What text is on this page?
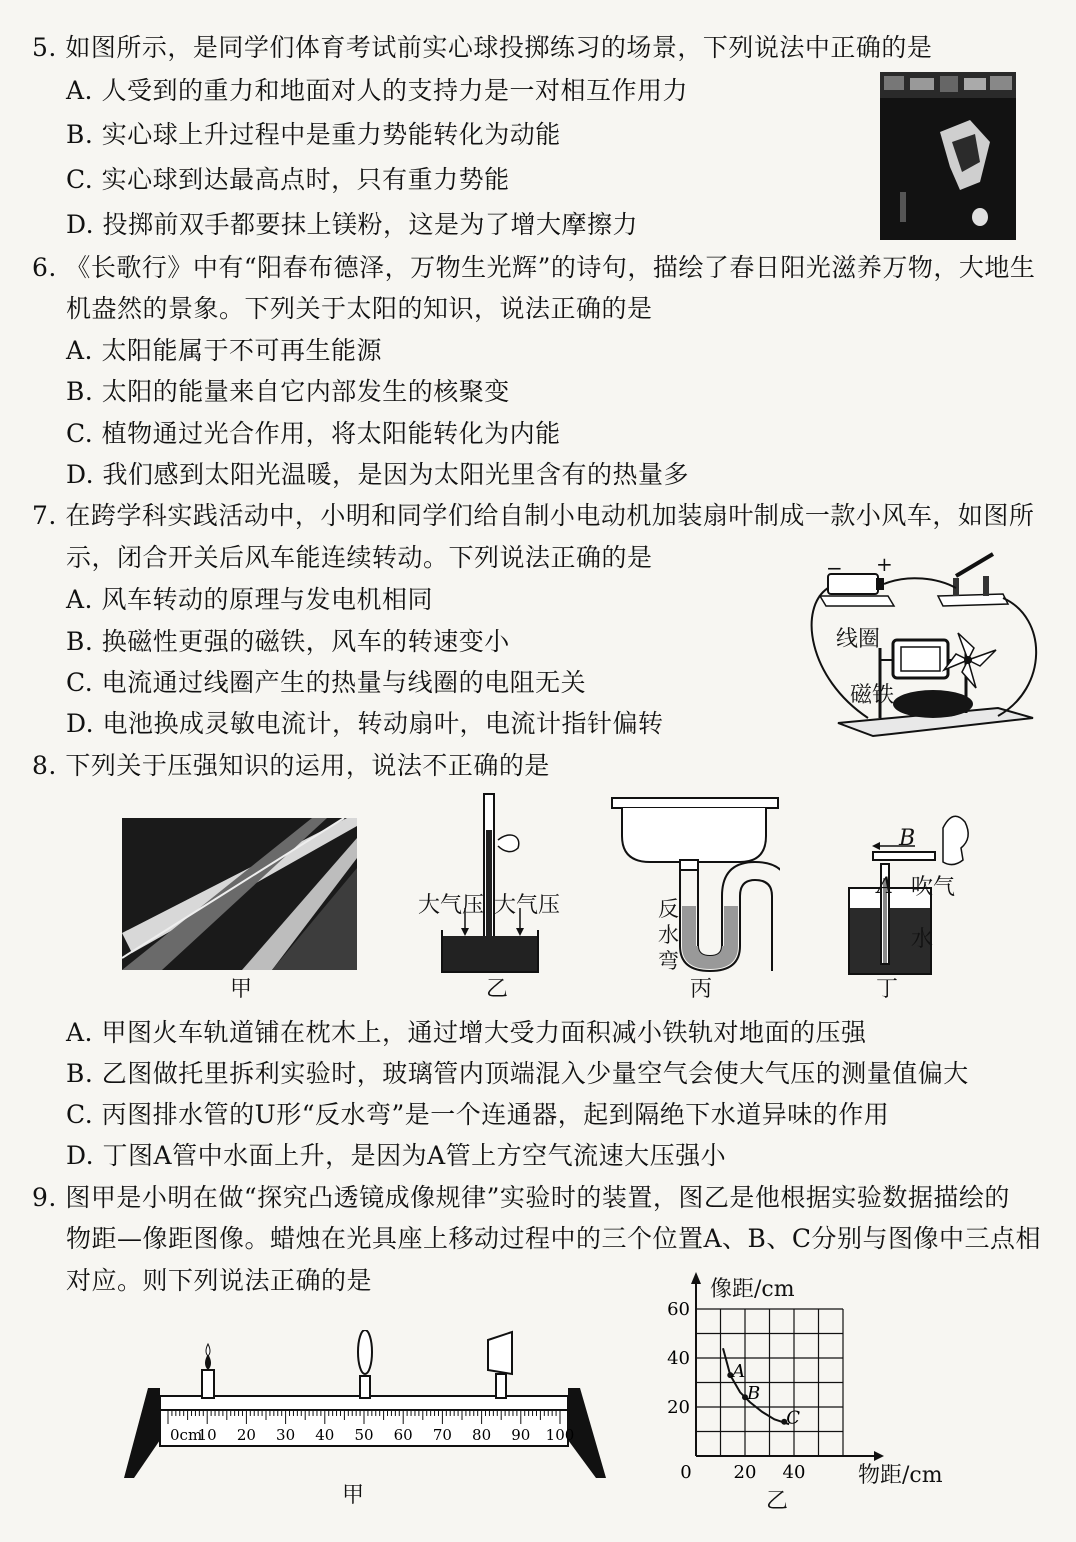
5. 如图所示，是同学们体育考试前实心球投掷练习的场景，下列说法中正确的是
A. 人受到的重力和地面对人的支持力是一对相互作用力
B. 实心球上升过程中是重力势能转化为动能
C. 实心球到达最高点时，只有重力势能
D. 投掷前双手都要抹上镁粉，这是为了增大摩擦力
6. 《长歌行》中有“阳春布德泽，万物生光辉”的诗句，描绘了春日阳光滋养万物，大地生
机盎然的景象。下列关于太阳的知识，说法正确的是
A. 太阳能属于不可再生能源
B. 太阳的能量来自它内部发生的核聚变
C. 植物通过光合作用，将太阳能转化为内能
D. 我们感到太阳光温暖，是因为太阳光里含有的热量多
7. 在跨学科实践活动中，小明和同学们给自制小电动机加装扇叶制成一款小风车，如图所
示，闭合开关后风车能连续转动。下列说法正确的是
A. 风车转动的原理与发电机相同
B. 换磁性更强的磁铁，风车的转速变小
C. 电流通过线圈产生的热量与线圈的电阻无关
D. 电池换成灵敏电流计，转动扇叶，电流计指针偏转
− +
线圈
磁铁
8. 下列关于压强知识的运用，说法不正确的是
甲
大气压 大气压
乙
反水弯
丙
B
A 吹气
水
丁
A. 甲图火车轨道铺在枕木上，通过增大受力面积减小铁轨对地面的压强
B. 乙图做托里拆利实验时，玻璃管内顶端混入少量空气会使大气压的测量值偏大
C. 丙图排水管的U形“反水弯”是一个连通器，起到隔绝下水道异味的作用
D. 丁图A管中水面上升，是因为A管上方空气流速大压强小
9. 图甲是小明在做“探究凸透镜成像规律”实验时的装置，图乙是他根据实验数据描绘的
物距—像距图像。蜡烛在光具座上移动过程中的三个位置A、B、C分别与图像中三点相
对应。则下列说法正确的是
0cm
10 20 30 40 50 60 70 80 90 100
甲
A
B
C
60
40
20
0 20 40
像距/cm
物距/cm
乙
